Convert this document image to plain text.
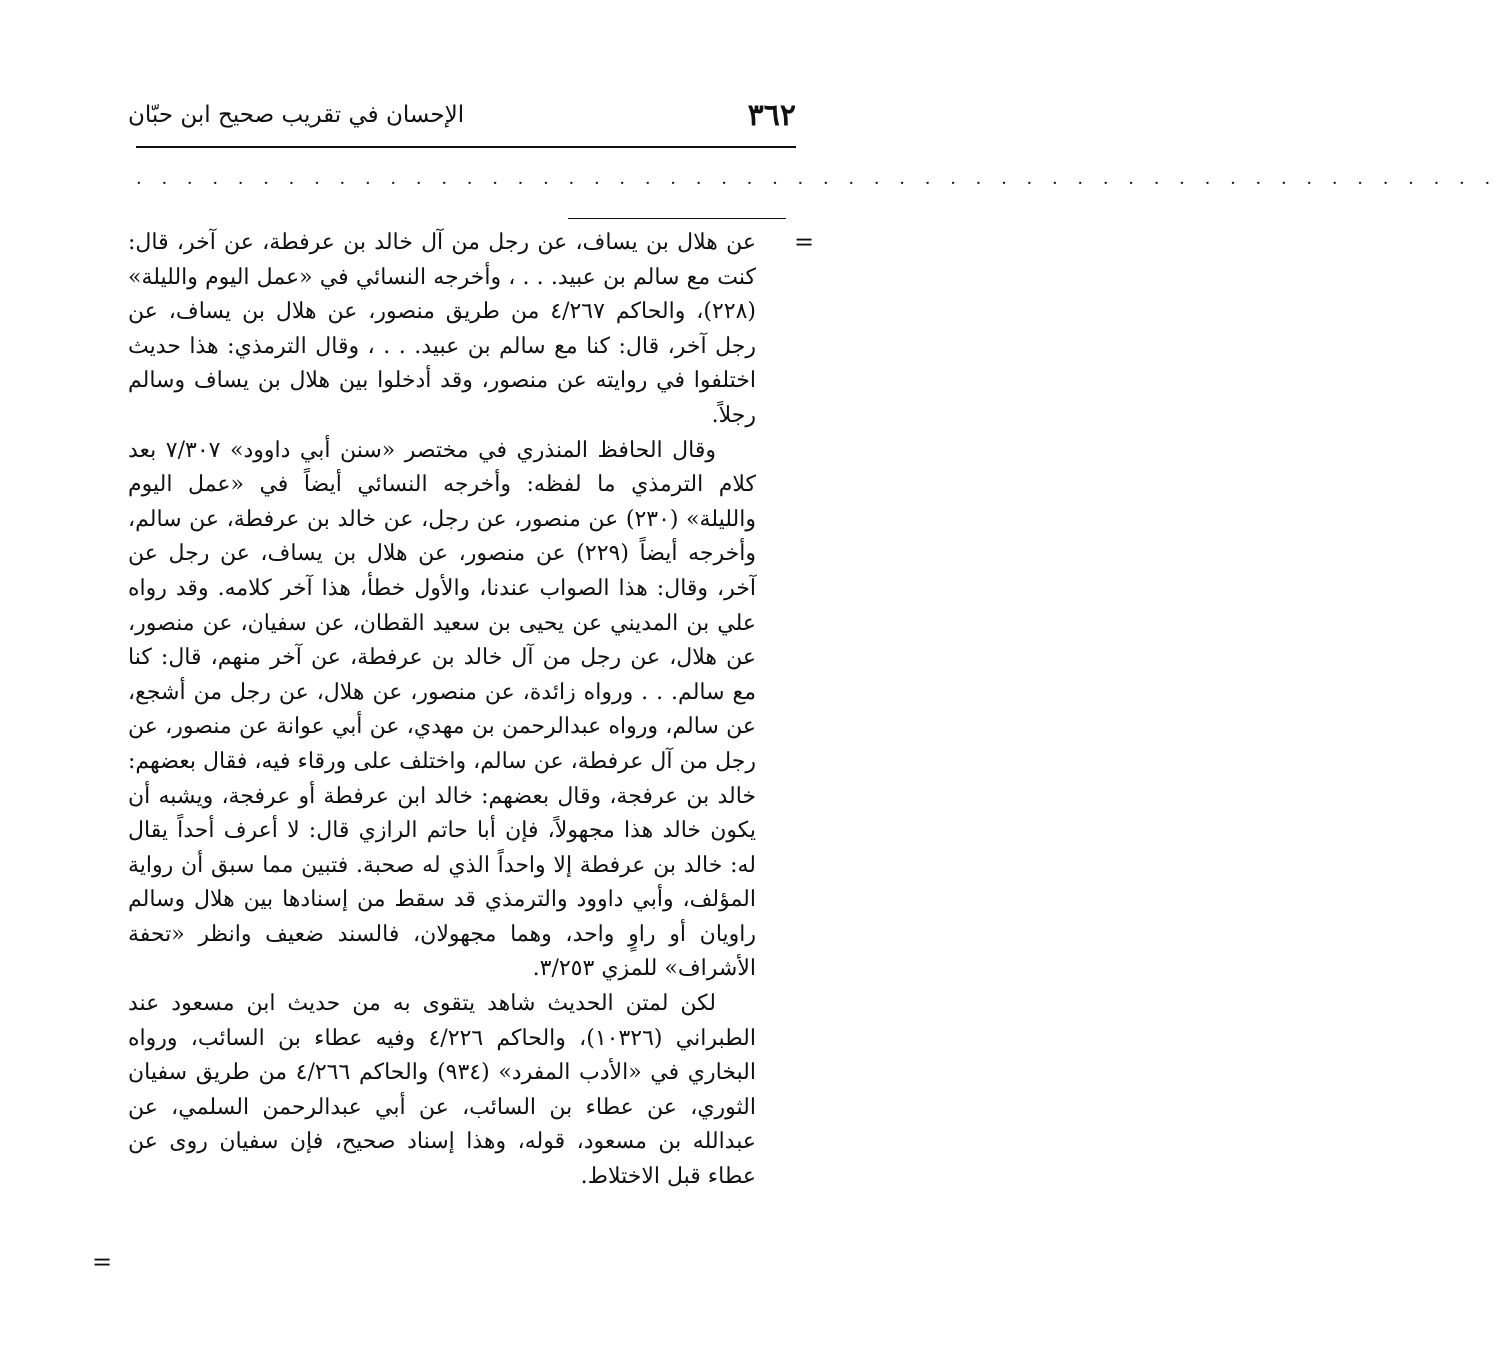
٣٦٢
الإحسان في تقريب صحيح ابن حبّان
· · · · · · · · · · · · · · · · · · · · · · · · · · · · · · · · · · · · · · · · · · · · · · · · · · · · · ·
=

عن هلال بن يساف، عن رجل من آل خالد بن عرفطة، عن آخر، قال: كنت مع سالم بن عبيد. . . ، وأخرجه النسائي في «عمل اليوم والليلة» (٢٢٨)، والحاكم ٤/٢٦٧ من طريق منصور، عن هلال بن يساف، عن رجل آخر، قال: كنا مع سالم بن عبيد. . . ، وقال الترمذي: هذا حديث اختلفوا في روايته عن منصور، وقد أدخلوا بين هلال بن يساف وسالم رجلاً.

وقال الحافظ المنذري في مختصر «سنن أبي داوود» ٧/٣٠٧ بعد كلام الترمذي ما لفظه: وأخرجه النسائي أيضاً في «عمل اليوم والليلة» (٢٣٠) عن منصور، عن رجل، عن خالد بن عرفطة، عن سالم، وأخرجه أيضاً (٢٢٩) عن منصور، عن هلال بن يساف، عن رجل عن آخر، وقال: هذا الصواب عندنا، والأول خطأ، هذا آخر كلامه. وقد رواه علي بن المديني عن يحيى بن سعيد القطان، عن سفيان، عن منصور، عن هلال، عن رجل من آل خالد بن عرفطة، عن آخر منهم، قال: كنا مع سالم. . . ورواه زائدة، عن منصور، عن هلال، عن رجل من أشجع، عن سالم، ورواه عبدالرحمن بن مهدي، عن أبي عوانة عن منصور، عن رجل من آل عرفطة، عن سالم، واختلف على ورقاء فيه، فقال بعضهم: خالد بن عرفجة، وقال بعضهم: خالد ابن عرفطة أو عرفجة، ويشبه أن يكون خالد هذا مجهولاً، فإن أبا حاتم الرازي قال: لا أعرف أحداً يقال له: خالد بن عرفطة إلا واحداً الذي له صحبة. فتبين مما سبق أن رواية المؤلف، وأبي داوود والترمذي قد سقط من إسنادها بين هلال وسالم راويان أو راوٍ واحد، وهما مجهولان، فالسند ضعيف وانظر «تحفة الأشراف» للمزي ٣/٢٥٣.

لكن لمتن الحديث شاهد يتقوى به من حديث ابن مسعود عند الطبراني (١٠٣٢٦)، والحاكم ٤/٢٢٦ وفيه عطاء بن السائب، ورواه البخاري في «الأدب المفرد» (٩٣٤) والحاكم ٤/٢٦٦ من طريق سفيان الثوري، عن عطاء بن السائب، عن أبي عبدالرحمن السلمي، عن عبدالله بن مسعود، قوله، وهذا إسناد صحيح، فإن سفيان روى عن عطاء قبل الاختلاط.

=
